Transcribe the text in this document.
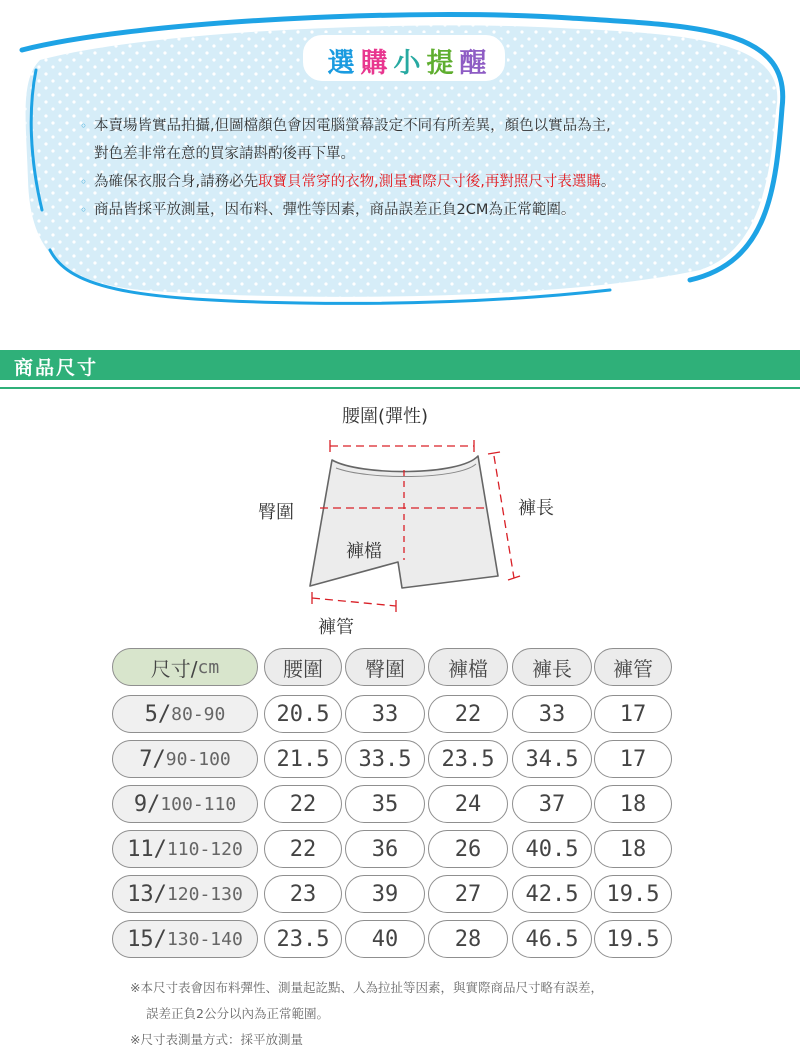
選 購 小 提 醒
◦ 本賣場皆實品拍攝,但圖檔顏色會因電腦螢幕設定不同有所差異，顏色以實品為主,
對色差非常在意的買家請斟酌後再下單。
◦ 為確保衣服合身,請務必先取寶貝常穿的衣物,測量實際尺寸後,再對照尺寸表選購。
◦ 商品皆採平放測量，因布料、彈性等因素，商品誤差正負2CM為正常範圍。
商品尺寸
腰圍(彈性)
臀圍	褲長
褲檔
褲管
尺寸/ cm	腰圍	臀圍	褲檔	褲長	褲管
5/ 80-90	20.5	33	22	33	17
7/ 90-100	21.5	33.5	23.5	34.5	17
9/ 100-110	22	35	24	37	18
11/ 110-120	22	36	26	40.5	18
13/ 120-130	23	39	27	42.5	19.5
15/ 130-140	23.5	40	28	46.5	19.5
※本尺寸表會因布料彈性、測量起訖點、人為拉扯等因素，與實際商品尺寸略有誤差，
誤差正負2公分以內為正常範圍。
※尺寸表測量方式：採平放測量
